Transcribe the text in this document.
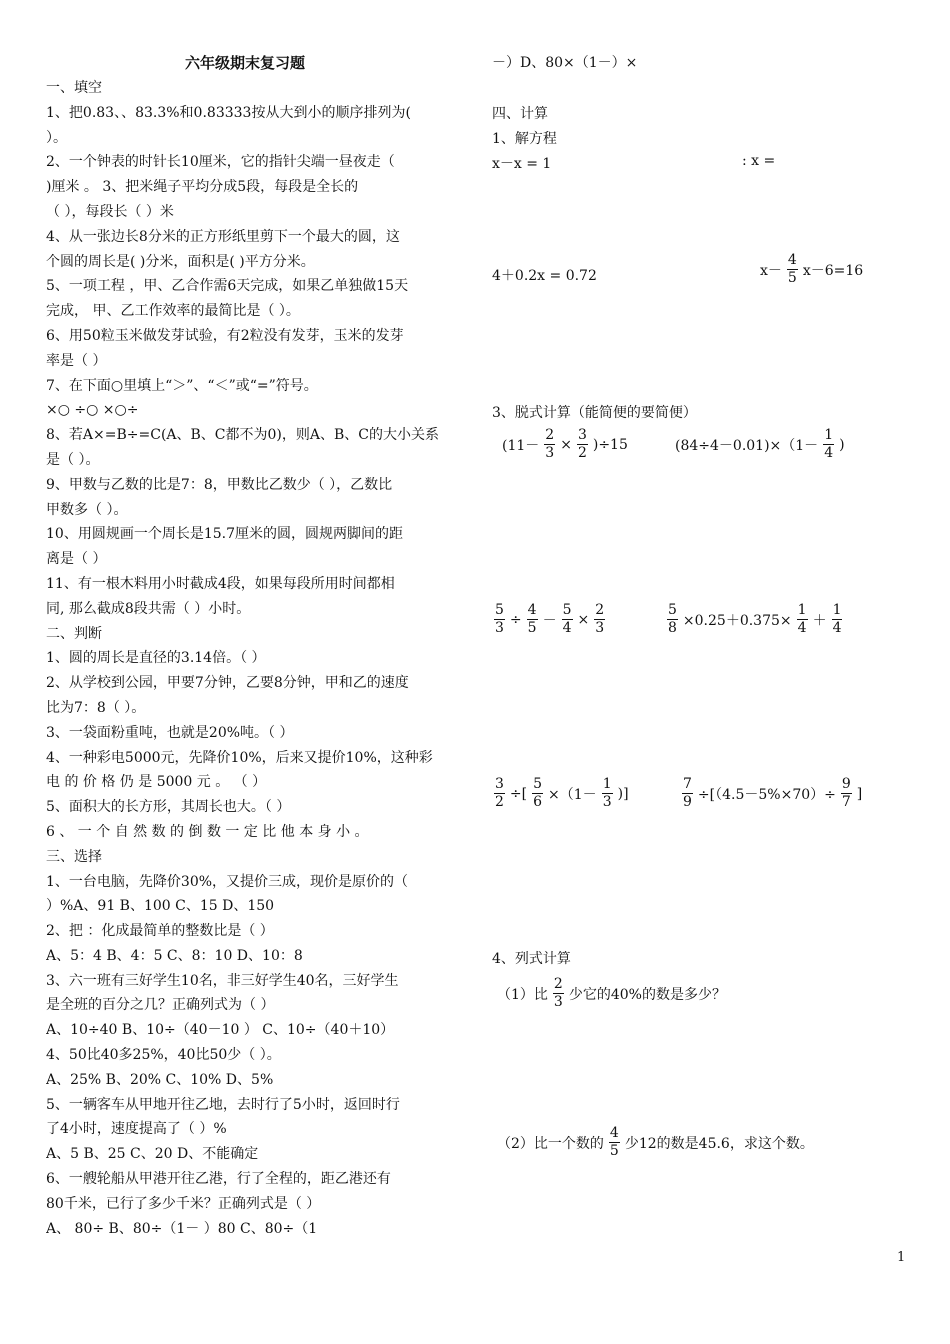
六年级期末复习题
一、填空
1、把0.83、、83.3%和0.83333按从大到小的顺序排列为(
）。
2、一个钟表的时针长10厘米，它的指针尖端一昼夜走（
)厘米 。 3、把米绳子平均分成5段，每段是全长的
（ ），每段长（ ）米
4、从一张边长8分米的正方形纸里剪下一个最大的圆，这
个圆的周长是( )分米，面积是( )平方分米。
5、一项工程 ，甲、乙合作需6天完成，如果乙单独做15天
完成， 甲、乙工作效率的最简比是（ ）。
6、用50粒玉米做发芽试验，有2粒没有发芽，玉米的发芽
率是（ ）
7、在下面○里填上“＞”、“＜”或“=”符号。
×○ ÷○ ×○÷
8、若A×=B÷=C(A、B、C都不为0)，则A、B、C的大小关系
是（ ）。
9、甲数与乙数的比是7：8，甲数比乙数少（ ），乙数比
甲数多（ ）。
10、用圆规画一个周长是15.7厘米的圆，圆规两脚间的距
离是（ ）
11、有一根木料用小时截成4段，如果每段所用时间都相
同, 那么截成8段共需（ ）小时。
二、判断
1、圆的周长是直径的3.14倍。（ ）
2、从学校到公园，甲要7分钟，乙要8分钟，甲和乙的速度
比为7：8（ ）。
3、一袋面粉重吨，也就是20%吨。（ ）
4、一种彩电5000元，先降价10%，后来又提价10%，这种彩
电 的 价 格 仍 是 5000 元 。 （ ）
5、面积大的长方形，其周长也大。（ ）
6 、 一 个 自 然 数 的 倒 数 一 定 比 他 本 身 小 。
三、选择
1、一台电脑，先降价30%，又提价三成，现价是原价的（
）%A、91 B、100 C、15 D、150
2、把 ：化成最简单的整数比是（ ）
A、5：4 B、4：5 C、8：10 D、10：8
3、六一班有三好学生10名，非三好学生40名，三好学生
是全班的百分之几？正确列式为（ ）
A、10÷40 B、10÷（40－10 ） C、10÷（40＋10）
4、50比40多25%，40比50少（ ）。
A、25% B、20% C、10% D、5%
5、一辆客车从甲地开往乙地，去时行了5小时，返回时行
了4小时，速度提高了（ ）%
A、5 B、25 C、20 D、不能确定
6、一艘轮船从甲港开往乙港，行了全程的，距乙港还有
80千米，已行了多少千米？正确列式是（ ）
A、 80÷ B、80÷（1－ ）80 C、80÷（1
－）D、80×（1－）×
四、计算
1、解方程
x－x = 1	: x =
4＋0.2x = 0.72	$x- \frac{4}{5} x-6=16$
3、脱式计算（能简便的要简便）
$(11- \frac{2}{3} \times \frac{3}{2} )\div 15$	$(84\div 4-0.01)\times(1- \frac{1}{4}$ )
$\frac{5}{3} \div \frac{4}{5} - \frac{5}{4} \times \frac{2}{3}$	$\frac{5}{8} \times 0.25+0.375\times \frac{1}{4} + \frac{1}{4}$
$\frac{3}{2}$ ÷[ $\frac{5}{6} \times(1- \frac{1}{3}$ )]	$\frac{7}{9} \div[(4.5-5\%\times 70)\div \frac{9}{7}$ ]
4、列式计算
（1）比 $\frac{2}{3}$ 少它的40%的数是多少？
（2）比一个数的 $\frac{4}{5}$ 少12的数是45.6，求这个数。
1
